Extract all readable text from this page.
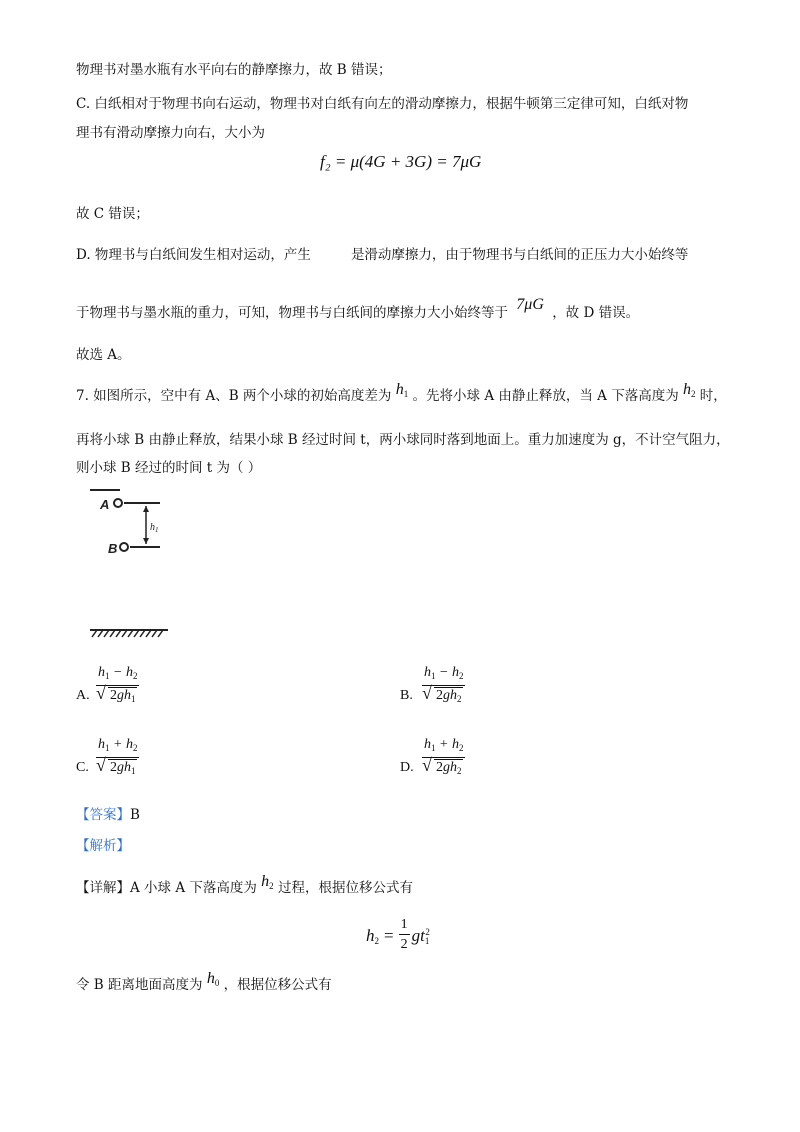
物理书对墨水瓶有水平向右的静摩擦力，故 B 错误；
C. 白纸相对于物理书向右运动，物理书对白纸有向左的滑动摩擦力，根据牛顿第三定律可知，白纸对物
理书有滑动摩擦力向右，大小为
f₂ = μ(4G + 3G) = 7μG
故 C 错误；
D. 物理书与白纸间发生相对运动，产生	是滑动摩擦力，由于物理书与白纸间的正压力大小始终等
于物理书与墨水瓶的重力，可知，物理书与白纸间的摩擦力大小始终等于 7μG ，故 D 错误。
故选 A。
7. 如图所示，空中有 A、B 两个小球的初始高度差为 $h_1$ 。先将小球 A 由静止释放，当 A 下落高度为 $h_2$ 时，
再将小球 B 由静止释放，结果小球 B 经过时间 t，两小球同时落到地面上。重力加速度为 g，不计空气阻力，
则小球 B 经过的时间 t 为（ ）
A
B
$h_1$
A. $h_1 - h_2$
√ $2gh_1$	B. $h_1 - h_2$
√ $2gh_2$
C. $h_1 + h_2$
√ $2gh_1$	D. $h_1 + h_2$
√ $2gh_2$
【答案】B
【解析】
【详解】A 小球 A 下落高度为 $h_2$ 过程，根据位移公式有
$h_2 = \frac{1}{2} gt_1^2$
令 B 距离地面高度为 $h_0$ ，根据位移公式有
